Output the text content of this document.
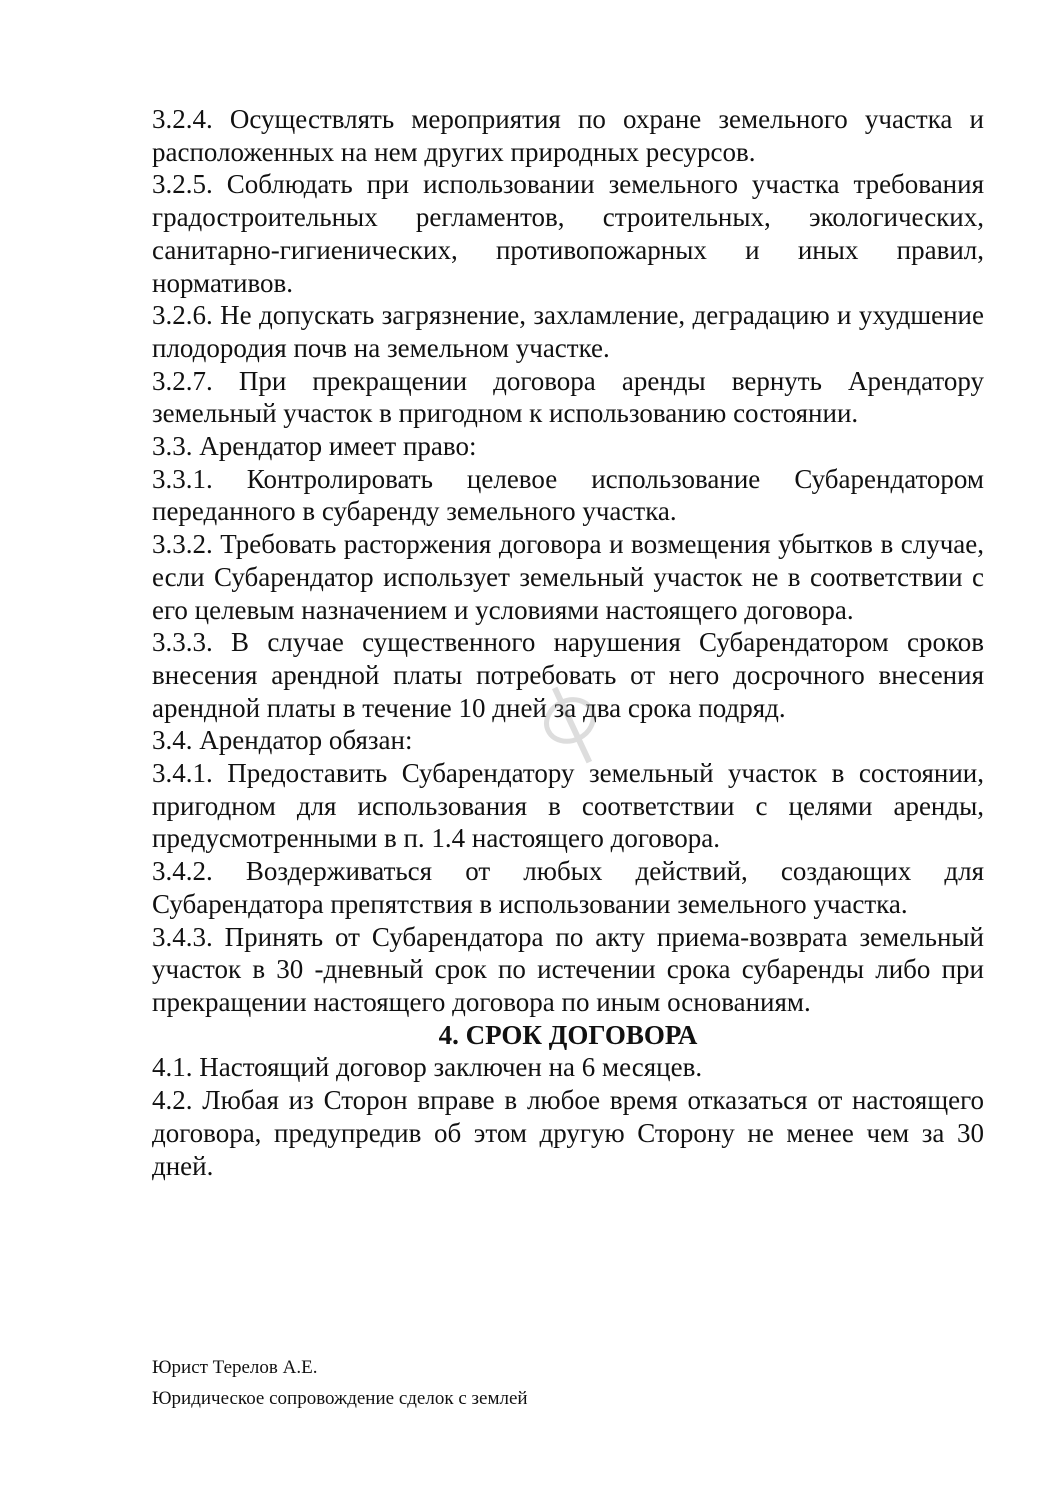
3.2.4. Осуществлять мероприятия по охране земельного участка и расположенных на нем других природных ресурсов.

3.2.5. Соблюдать при использовании земельного участка требования градостроительных регламентов, строительных, экологических, санитарно-гигиенических, противопожарных и иных правил, нормативов.

3.2.6. Не допускать загрязнение, захламление, деградацию и ухудшение плодородия почв на земельном участке.

3.2.7. При прекращении договора аренды вернуть Арендатору земельный участок в пригодном к использованию состоянии.

3.3. Арендатор имеет право:

3.3.1. Контролировать целевое использование Субарендатором переданного в субаренду земельного участка.

3.3.2. Требовать расторжения договора и возмещения убытков в случае, если Субарендатор использует земельный участок не в соответствии с его целевым назначением и условиями настоящего договора.

3.3.3. В случае существенного нарушения Субарендатором сроков внесения арендной платы потребовать от него досрочного внесения арендной платы в течение 10 дней за два срока подряд.

3.4. Арендатор обязан:

3.4.1. Предоставить Субарендатору земельный участок в состоянии, пригодном для использования в соответствии с целями аренды, предусмотренными в п. 1.4 настоящего договора.

3.4.2. Воздерживаться от любых действий, создающих для Субарендатора препятствия в использовании земельного участка.

3.4.3. Принять от Субарендатора по акту приема-возврата земельный участок в 30 -дневный срок по истечении срока субаренды либо при прекращении настоящего договора по иным основаниям.

4. СРОК ДОГОВОРА

4.1. Настоящий договор заключен на 6 месяцев.

4.2. Любая из Сторон вправе в любое время отказаться от настоящего договора, предупредив об этом другую Сторону не менее чем за 30 дней.

Юрист Терелов А.Е.

Юридическое сопровождение сделок с землей
